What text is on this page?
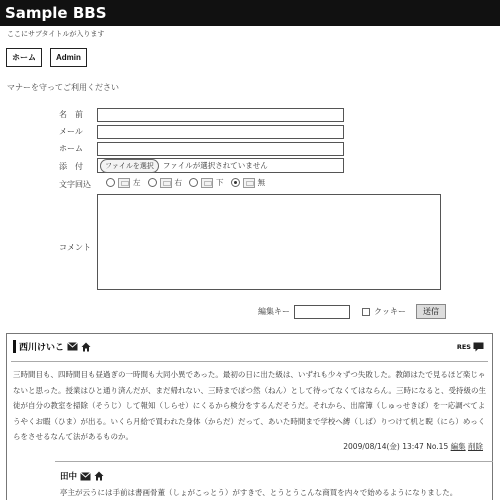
Sample BBS
ここにサブタイトルが入ります
ホーム	Admin
マナーを守ってご利用ください
名　前
メール
ホーム
添　付	ファイルを選択	ファイルが選択されていません
文字回込	左	右	下	無
コメント
編集キー	クッキー	送信
西川けいこ	RES
三時間目も、四時間目も昼過ぎの一時間も大同小異であった。最初の日に出た級は、いずれも少々ずつ失敗した。教師はたで見るほど楽じゃないと思った。授業はひと通り済んだが、まだ帰れない、三時までぽつ然（ねん）として待ってなくてはならん。三時になると、受持級の生徒が自分の教室を掃除（そうじ）して報知（しらせ）にくるから検分をするんだそうだ。それから、出席簿（しゅっせきぼ）を一応調べてようやくお暇（ひま）が出る。いくら月給で買われた身体（からだ）だって、あいた時間まで学校へ縛（しば）りつけて机と睨（にら）めっくらをさせるなんて法があるものか。
2009/08/14(金) 13:47 No.15 編集 削除
田中
亭主が云うには手前は書画骨董（しょがこっとう）がすきで、とうとうこんな商買を内々で始めるようになりました。
